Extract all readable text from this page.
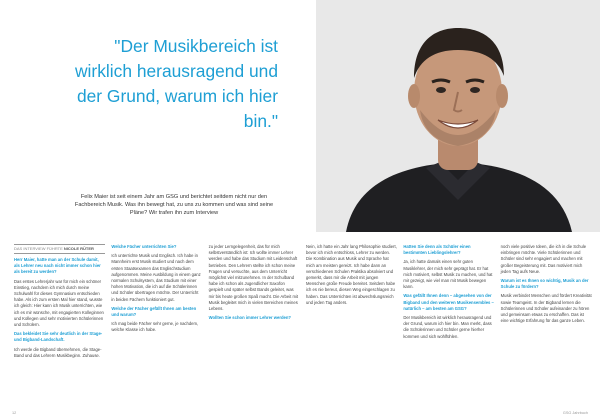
"Der Musikbereich ist wirklich herausragend und der Grund, warum ich hier bin."
Felix Maier ist seit einem Jahr am GSG und berichtet seitdem nicht nur den Fachbereich Musik. Was ihn bewegt hat, zu uns zu kommen und was sind seine Pläne? Wir trafen ihn zum Interview
DAS INTERVIEW FÜHRTE NICOLE RÜTER

Herr Maier, hatte man an der Schule damit, als Lehrer neu nach nicht immer schon hier als bereit zu werden?

Das erstes Lehrerjahr war für mich ein schöner Einstieg, nachdem ich mich durch meine Schulwahl für dieses Gymnasium entschieden habe. Als ich zum ersten Mal hier stand, wusste ich gleich: Hier kann ich Musik unterrichten, wie ich es mir wünsche, mit engagierten Kolleginnen und Kollegen und sehr motivierten Schülerinnen und Schülern.

Das bekleidet Sie sehr deutlich in der Stage- und Bigband-Landschaft.

Ich werde die Bigband übernehmen, die Stage-Band und das Lehrern Musikbeginn. Zuhause.

Welche Fächer unterrichten Sie?

Ich unterrichte Musik und Englisch. Ich habe in Mannheim erst Musik studiert und nach dem ersten Staatsexamen das Englischstudium aufgenommen. Meine Ausbildung in einem ganz normalen Schulsystem, das Studium mit einer hohen Motivation, die ich auf die Schülerinnen und Schüler übertragen möchte. Der Unterricht in beiden Fächern funktioniert gut.

Welche der Fächer gefällt Ihnen am besten und warum?

Ich mag beide Fächer sehr gerne, je nachdem, welche Klasse ich habe.

zu jeder Lerngelegenheit, das für mich selbstverständlich ist: Ich wollte immer Lehrer werden und habe das Studium mit Leidenschaft betrieben. Den Lehrern stellte ich schon meine Fragen und versuchte, aus dem Unterricht möglichst viel mitzunehmen. In der Schulband habe ich schon als Jugendlicher Saxofon gespielt und später selbst Bands geleitet, was mir bis heute großen Spaß macht. Die Arbeit mit Musik begleitet mich in vielen Bereichen meines Lebens.

Wollten Sie schon immer Lehrer werden?

Nein, ich hatte ein Jahr lang Philosophie studiert, bevor ich mich entschloss, Lehrer zu werden. Die Kombination aus Musik und Sprache hat mich am meisten gereizt. Ich habe dann an verschiedenen Schulen Praktika absolviert und gemerkt, dass mir die Arbeit mit jungen Menschen große Freude bereitet. Seitdem habe ich es nie bereut, diesen Weg eingeschlagen zu haben. Das Unterrichten ist abwechslungsreich und jeden Tag anders.

Hatten Sie denn als Schüler einen bestimmten Lieblingslehrer?

Ja, ich hatte damals einen sehr guten Musiklehrer, der mich sehr geprägt hat. Er hat mich motiviert, selbst Musik zu machen, und hat mir gezeigt, wie viel man mit Musik bewegen kann.

Was gefällt Ihnen denn – abgesehen von der Bigband und den weiteren Musikensembles – natürlich – am besten am GSG?

Der Musikbereich ist wirklich herausragend und der Grund, warum ich hier bin. Man merkt, dass die Schülerinnen und Schüler gerne hierher kommen und sich wohlfühlen.

noch viele positive Ideen, die ich in die Schule einbringen möchte. Viele Schülerinnen und Schüler sind sehr engagiert und machen mit großer Begeisterung mit. Das motiviert mich jeden Tag aufs Neue.

Warum ist es Ihnen so wichtig, Musik an der Schule zu fördern?

Musik verbindet Menschen und fördert Kreativität sowie Teamgeist. In der Bigband lernen die Schülerinnen und Schüler aufeinander zu hören und gemeinsam etwas zu erschaffen. Das ist eine wichtige Erfahrung für das ganze Leben.

12	GSG Jahrbuch
